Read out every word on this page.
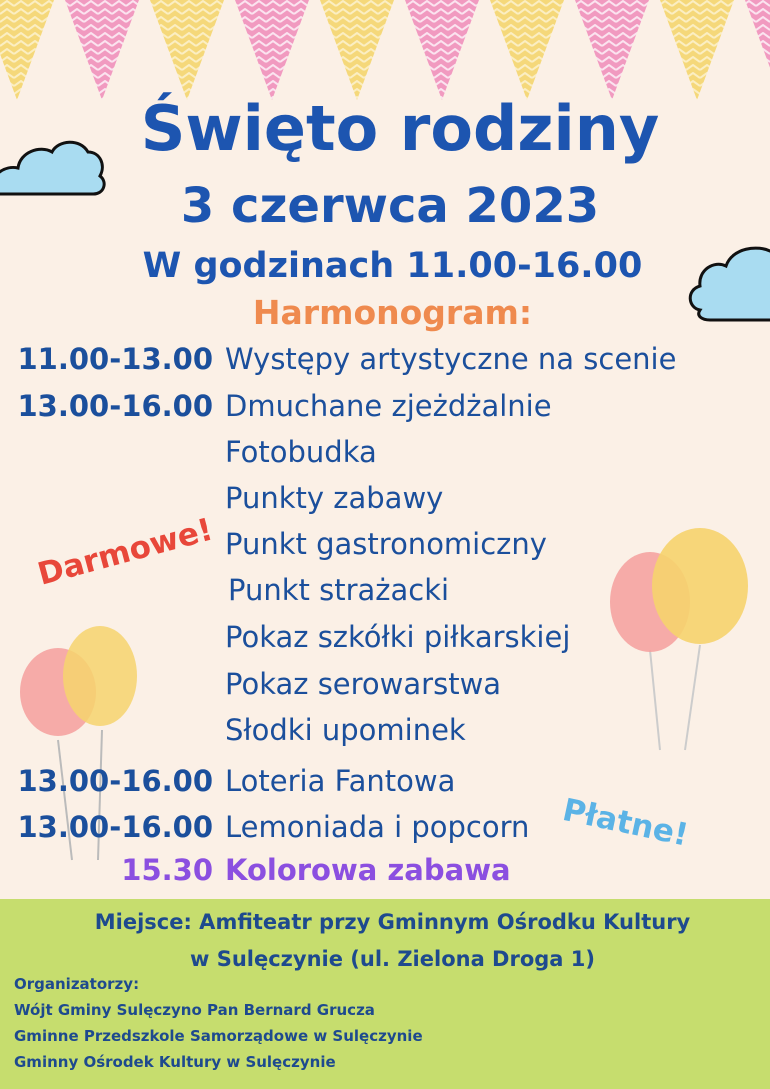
Święto rodziny
3 czerwca 2023
W godzinach 11.00-16.00
Harmonogram:
11.00-13.00 Występy artystyczne na scenie
13.00-16.00 Dmuchane zjeżdżalnie
Fotobudka
Punkty zabawy
Punkt gastronomiczny
Punkt strażacki
Pokaz szkółki piłkarskiej
Pokaz serowarstwa
Słodki upominek
13.00-16.00 Loteria Fantowa
13.00-16.00 Lemoniada i popcorn
15.30 Kolorowa zabawa
Darmowe!
Płatne!
Miejsce: Amfiteatr przy Gminnym Ośrodku Kultury
w Sulęczynie (ul. Zielona Droga 1)
Organizatorzy:
Wójt Gminy Sulęczyno Pan Bernard Grucza
Gminne Przedszkole Samorządowe w Sulęczynie
Gminny Ośrodek Kultury w Sulęczynie
